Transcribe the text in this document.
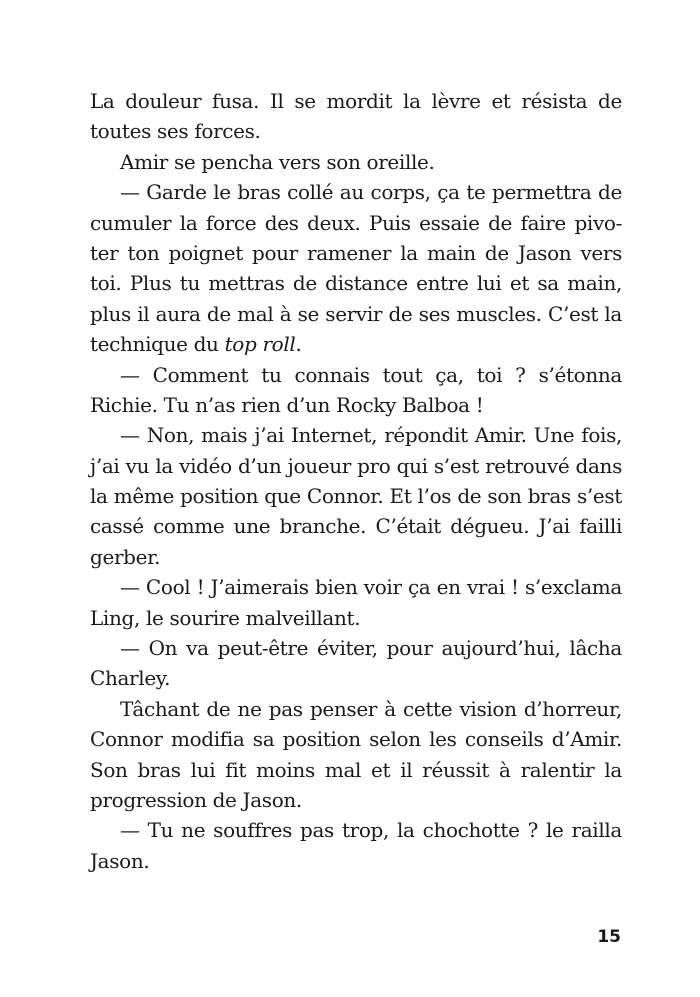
La douleur fusa. Il se mordit la lèvre et résista de
toutes ses forces.
Amir se pencha vers son oreille.
— Garde le bras collé au corps, ça te permettra de
cumuler la force des deux. Puis essaie de faire pivo-
ter ton poignet pour ramener la main de Jason vers
toi. Plus tu mettras de distance entre lui et sa main,
plus il aura de mal à se servir de ses muscles. C’est la
technique du top roll.
— Comment tu connais tout ça, toi ? s’étonna
Richie. Tu n’as rien d’un Rocky Balboa !
— Non, mais j’ai Internet, répondit Amir. Une fois,
j’ai vu la vidéo d’un joueur pro qui s’est retrouvé dans
la même position que Connor. Et l’os de son bras s’est
cassé comme une branche. C’était dégueu. J’ai failli
gerber.
— Cool ! J’aimerais bien voir ça en vrai ! s’exclama
Ling, le sourire malveillant.
— On va peut-être éviter, pour aujourd’hui, lâcha
Charley.
Tâchant de ne pas penser à cette vision d’horreur,
Connor modifia sa position selon les conseils d’Amir.
Son bras lui fit moins mal et il réussit à ralentir la
progression de Jason.
— Tu ne souffres pas trop, la chochotte ? le railla
Jason.
15
